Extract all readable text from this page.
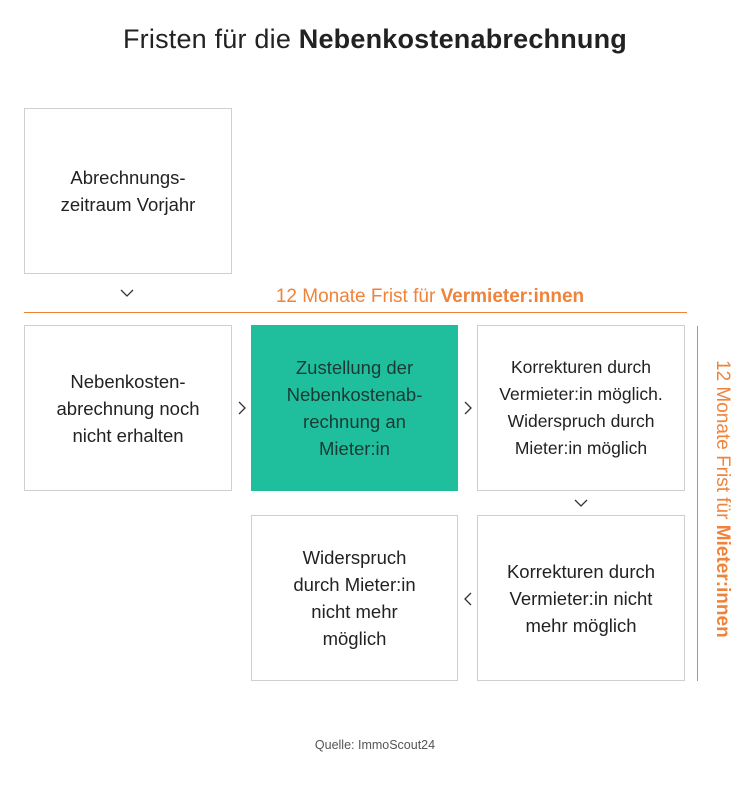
Fristen für die Nebenkostenabrechnung
Abrechnungs-
zeitraum Vorjahr
12 Monate Frist für Vermieter:innen
Nebenkosten-
abrechnung noch
nicht erhalten
Zustellung der
Nebenkostenab-
rechnung an
Mieter:in
Korrekturen durch
Vermieter:in möglich.
Widerspruch durch
Mieter:in möglich
Widerspruch
durch Mieter:in
nicht mehr
möglich
Korrekturen durch
Vermieter:in nicht
mehr möglich
12 Monate Frist für Mieter:innen
Quelle: ImmoScout24
